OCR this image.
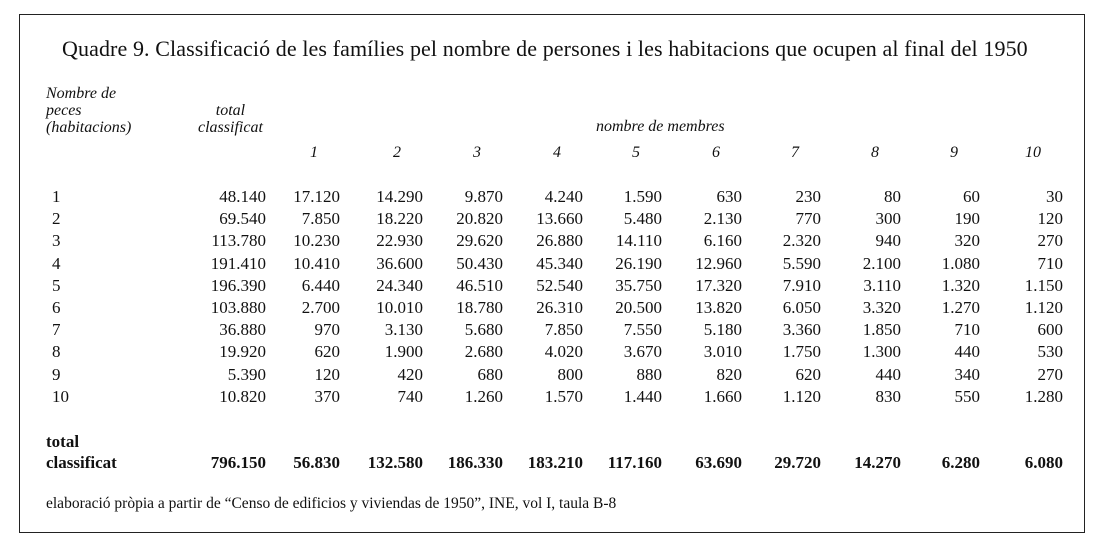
Quadre 9. Classificació de les famílies pel nombre de persones i les habitacions que ocupen al final del 1950
Nombre de
peces
(habitacions)
total
classificat	nombre de membres
1	2	3	4	5	6	7	8	9	10
1	48.140	17.120	14.290	9.870	4.240	1.590	630	230	80	60	30
2	69.540	7.850	18.220	20.820	13.660	5.480	2.130	770	300	190	120
3	113.780	10.230	22.930	29.620	26.880	14.110	6.160	2.320	940	320	270
4	191.410	10.410	36.600	50.430	45.340	26.190	12.960	5.590	2.100	1.080	710
5	196.390	6.440	24.340	46.510	52.540	35.750	17.320	7.910	3.110	1.320	1.150
6	103.880	2.700	10.010	18.780	26.310	20.500	13.820	6.050	3.320	1.270	1.120
7	36.880	970	3.130	5.680	7.850	7.550	5.180	3.360	1.850	710	600
8	19.920	620	1.900	2.680	4.020	3.670	3.010	1.750	1.300	440	530
9	5.390	120	420	680	800	880	820	620	440	340	270
10	10.820	370	740	1.260	1.570	1.440	1.660	1.120	830	550	1.280
total
classificat	796.150	56.830	132.580	186.330	183.210	117.160	63.690	29.720	14.270	6.280	6.080
elaboració pròpia a partir de “Censo de edificios y viviendas de 1950”, INE, vol I, taula B-8
